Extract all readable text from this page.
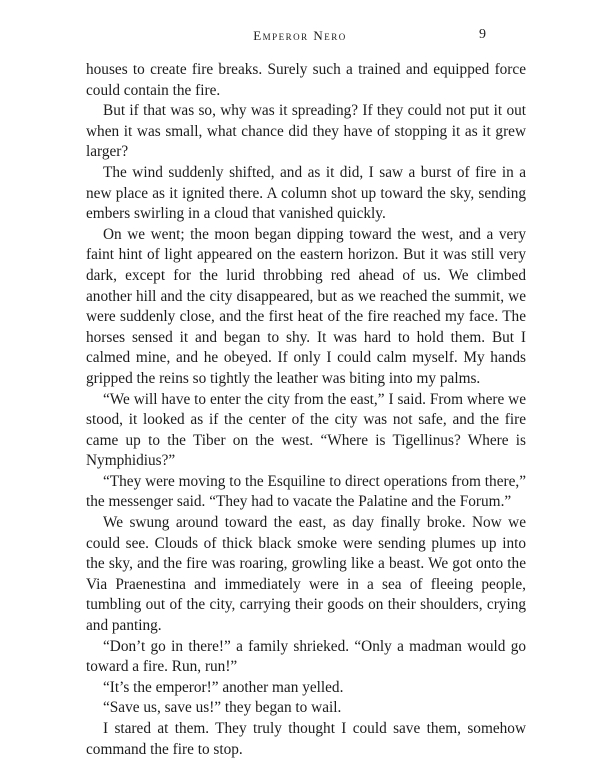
Emperor Nero	9

houses to create fire breaks. Surely such a trained and equipped force could contain the fire.

But if that was so, why was it spreading? If they could not put it out when it was small, what chance did they have of stopping it as it grew larger?

The wind suddenly shifted, and as it did, I saw a burst of fire in a new place as it ignited there. A column shot up toward the sky, sending embers swirling in a cloud that vanished quickly.

On we went; the moon began dipping toward the west, and a very faint hint of light appeared on the eastern horizon. But it was still very dark, except for the lurid throbbing red ahead of us. We climbed another hill and the city disappeared, but as we reached the summit, we were suddenly close, and the first heat of the fire reached my face. The horses sensed it and began to shy. It was hard to hold them. But I calmed mine, and he obeyed. If only I could calm myself. My hands gripped the reins so tightly the leather was biting into my palms.

“We will have to enter the city from the east,” I said. From where we stood, it looked as if the center of the city was not safe, and the fire came up to the Tiber on the west. “Where is Tigellinus? Where is Nymphidius?”

“They were moving to the Esquiline to direct operations from there,” the messenger said. “They had to vacate the Palatine and the Forum.”

We swung around toward the east, as day finally broke. Now we could see. Clouds of thick black smoke were sending plumes up into the sky, and the fire was roaring, growling like a beast. We got onto the Via Praenestina and immediately were in a sea of fleeing people, tumbling out of the city, carrying their goods on their shoulders, crying and panting.

“Don’t go in there!” a family shrieked. “Only a madman would go toward a fire. Run, run!”

“It’s the emperor!” another man yelled.

“Save us, save us!” they began to wail.

I stared at them. They truly thought I could save them, somehow command the fire to stop.
